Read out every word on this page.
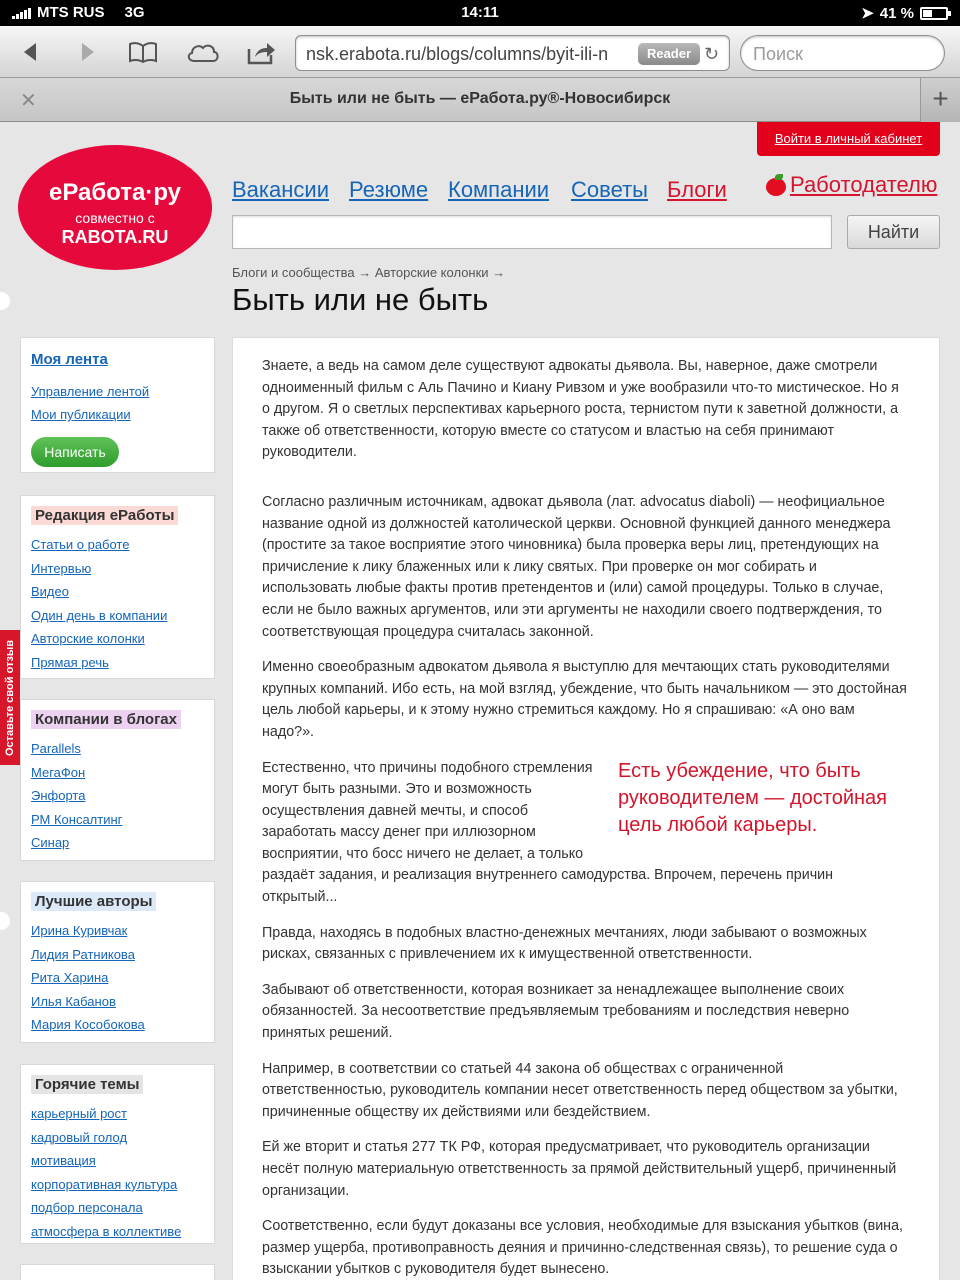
MTS RUS 3G	14:11	➤ 41 %
nsk.erabota.ru/blogs/columns/byit-ili-n	Reader ↻ Поиск
✕	Быть или не быть — еРабота.ру®-Новосибирск	+
Войти в личный кабинет
еРабота·ру
совместно с
RABOTA.RU
Вакансии Резюме Компании Советы Блоги	Работодателю
Найти
Блоги и сообщества → Авторские колонки →
Быть или не быть
Оставьте свой отзыв
Моя лента
Управление лентой
Мои публикации
Написать
Редакция еРаботы
Статьи о работе
Интервью
Видео
Один день в компании
Авторские колонки
Прямая речь
Компании в блогах
Parallels
МегаФон
Энфорта
РМ Консалтинг
Синар
Лучшие авторы
Ирина Куривчак
Лидия Ратникова
Рита Харина
Илья Кабанов
Мария Кособокова
Горячие темы
карьерный рост
кадровый голод
мотивация
корпоративная культура
подбор персонала
атмосфера в коллективе

Знаете, а ведь на самом деле существуют адвокаты дьявола. Вы, наверное, даже смотрели одноименный фильм с Аль Пачино и Киану Ривзом и уже вообразили что-то мистическое. Но я о другом. Я о светлых перспективах карьерного роста, тернистом пути к заветной должности, а также об ответственности, которую вместе со статусом и властью на себя принимают руководители.

Согласно различным источникам, адвокат дьявола (лат. advocatus diaboli) — неофициальное название одной из должностей католической церкви. Основной функцией данного менеджера (простите за такое восприятие этого чиновника) была проверка веры лиц, претендующих на причисление к лику блаженных или к лику святых. При проверке он мог собирать и использовать любые факты против претендентов и (или) самой процедуры. Только в случае, если не было важных аргументов, или эти аргументы не находили своего подтверждения, то соответствующая процедура считалась законной.

Именно своеобразным адвокатом дьявола я выступлю для мечтающих стать руководителями крупных компаний. Ибо есть, на мой взгляд, убеждение, что быть начальником — это достойная цель любой карьеры, и к этому нужно стремиться каждому. Но я спрашиваю: «А оно вам надо?».

Есть убеждение, что быть руководителем — достойная цель любой карьеры.

Естественно, что причины подобного стремления могут быть разными. Это и возможность осуществления давней мечты, и способ заработать массу денег при иллюзорном восприятии, что босс ничего не делает, а только раздаёт задания, и реализация внутреннего самодурства. Впрочем, перечень причин открытый...

Правда, находясь в подобных властно-денежных мечтаниях, люди забывают о возможных рисках, связанных с привлечением их к имущественной ответственности.

Забывают об ответственности, которая возникает за ненадлежащее выполнение своих обязанностей. За несоответствие предъявляемым требованиям и последствия неверно принятых решений.

Например, в соответствии со статьей 44 закона об обществах с ограниченной ответственностью, руководитель компании несет ответственность перед обществом за убытки, причиненные обществу их действиями или бездействием.

Ей же вторит и статья 277 ТК РФ, которая предусматривает, что руководитель организации несёт полную материальную ответственность за прямой действительный ущерб, причиненный организации.

Соответственно, если будут доказаны все условия, необходимые для взыскания убытков (вина, размер ущерба, противоправность деяния и причинно-следственная связь), то решение суда о взыскании убытков с руководителя будет вынесено.
